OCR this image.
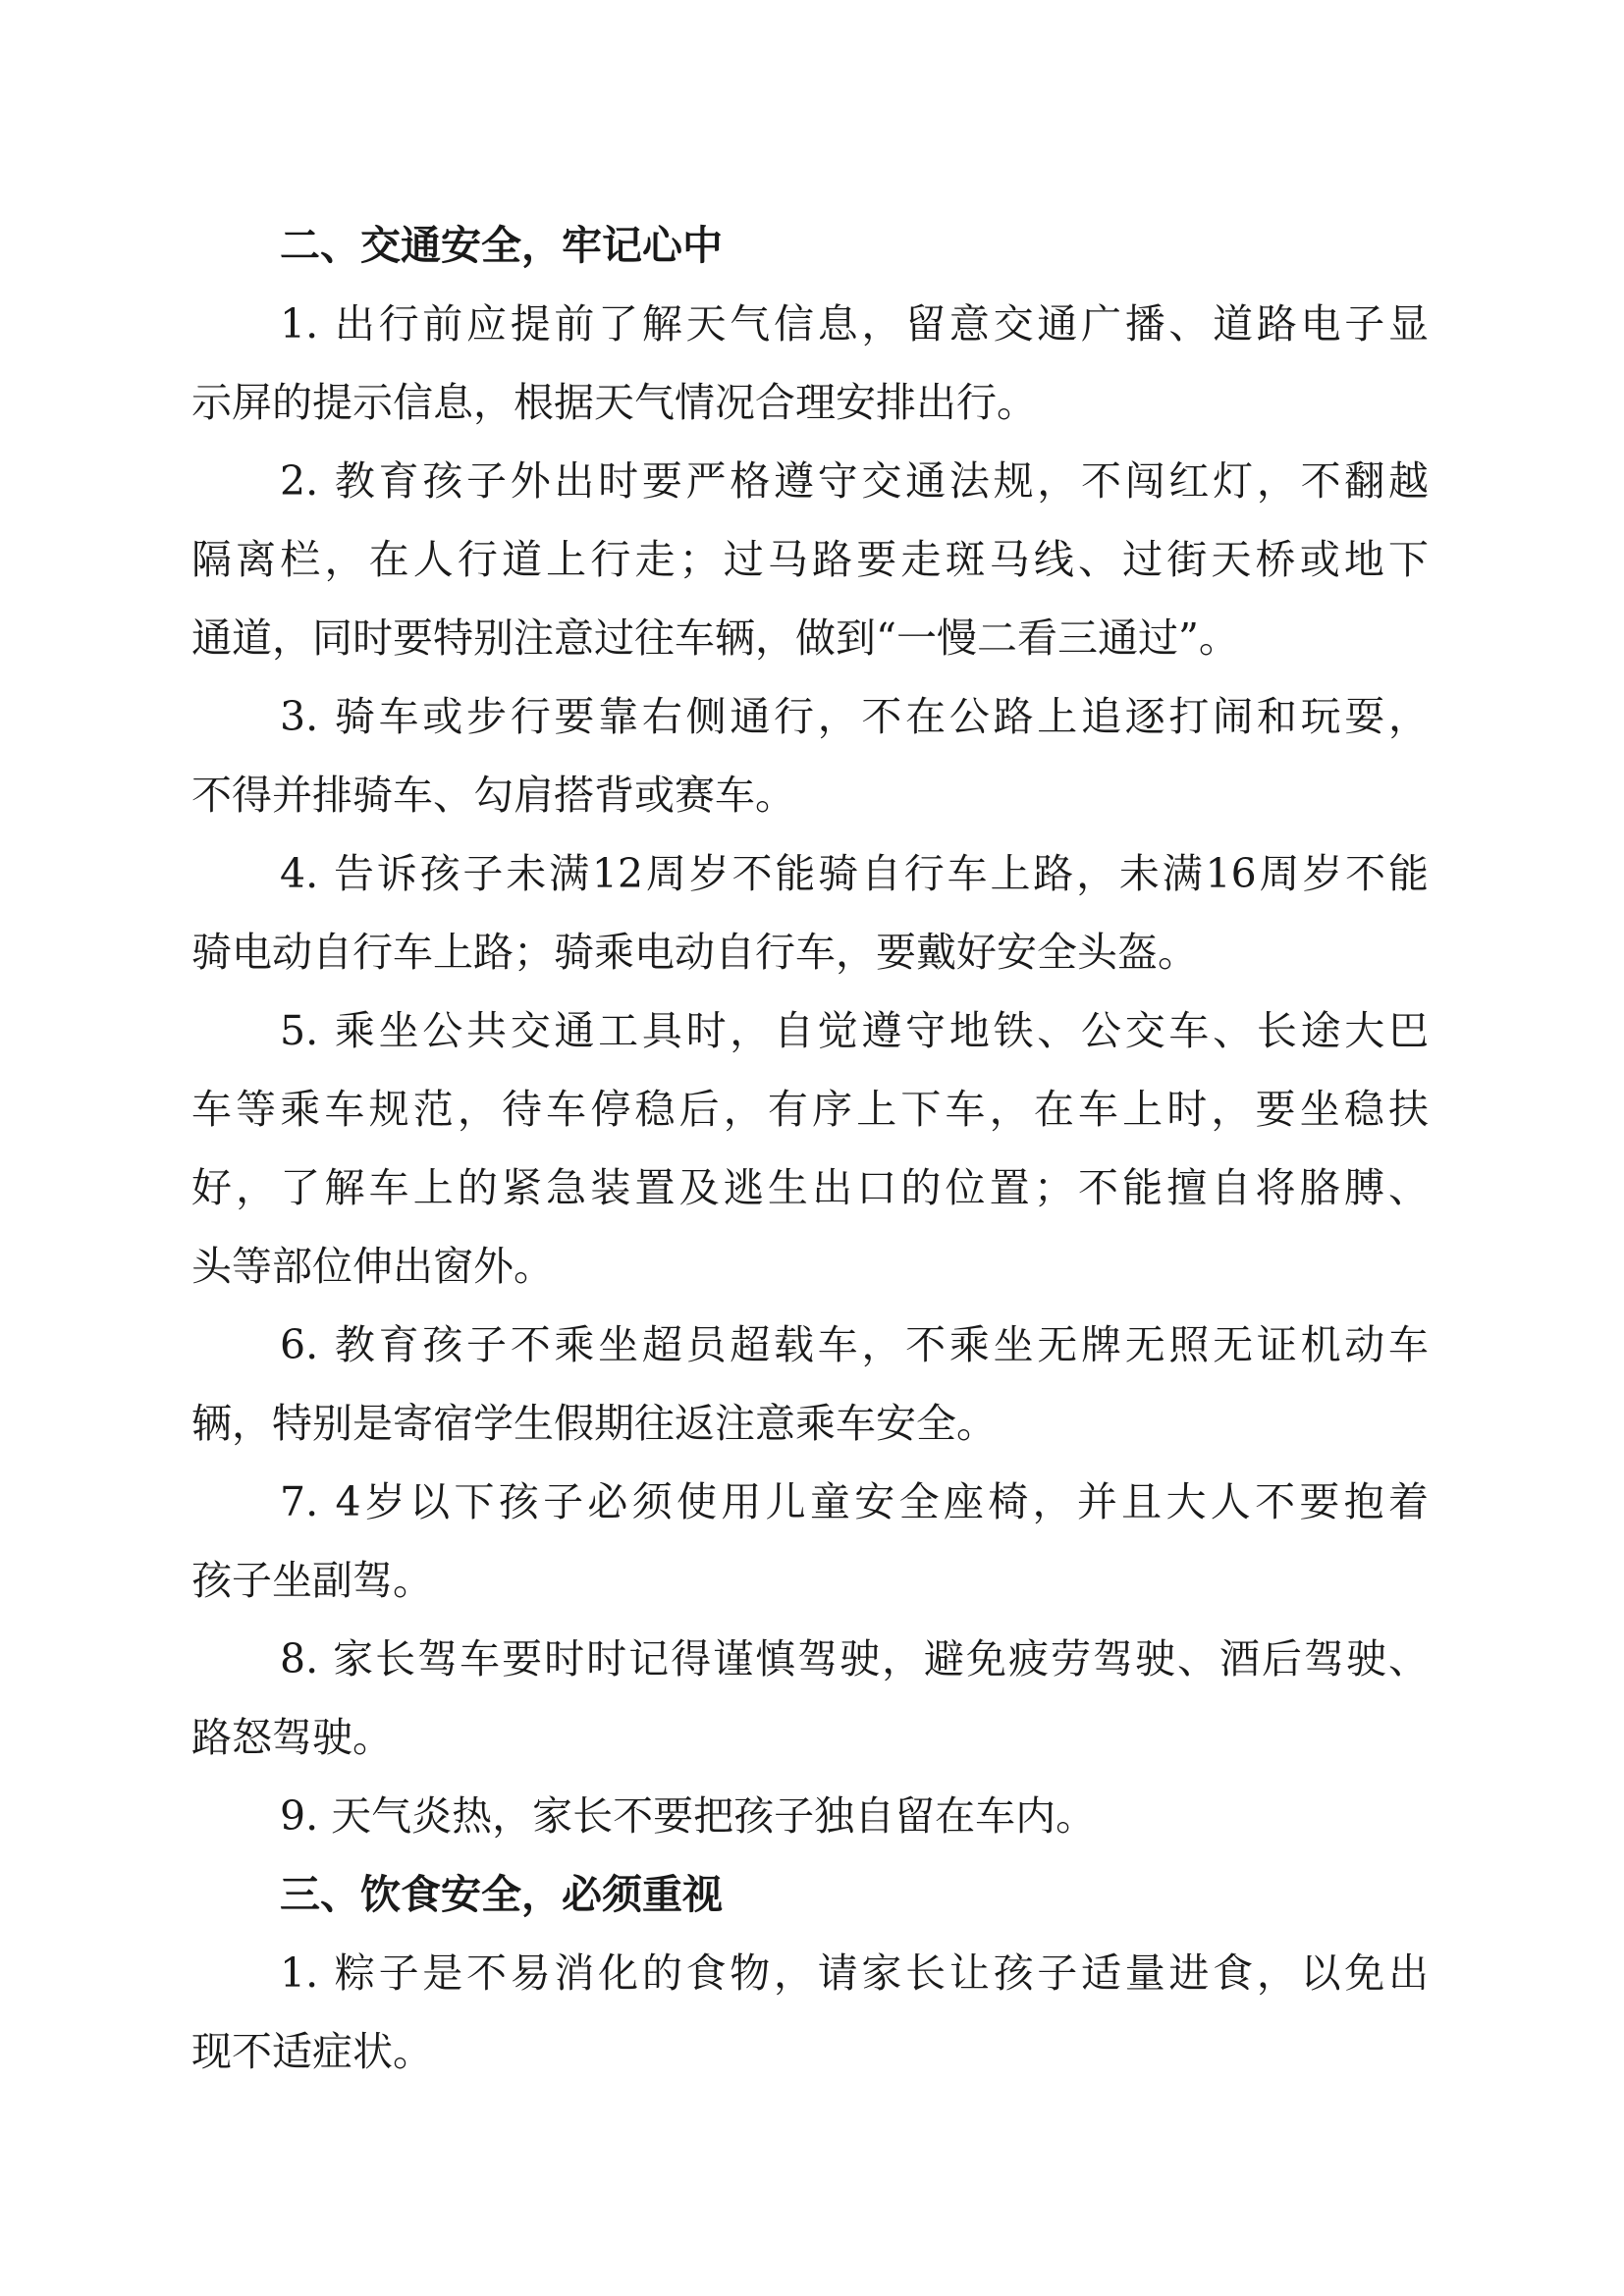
二、交通安全，牢记心中
1. 出行前应提前了解天气信息，留意交通广播、道路电子显
示屏的提示信息，根据天气情况合理安排出行。
2. 教育孩子外出时要严格遵守交通法规，不闯红灯，不翻越
隔离栏，在人行道上行走；过马路要走斑马线、过街天桥或地下
通道，同时要特别注意过往车辆，做到“一慢二看三通过”。
3. 骑车或步行要靠右侧通行，不在公路上追逐打闹和玩耍，
不得并排骑车、勾肩搭背或赛车。
4. 告诉孩子未满12周岁不能骑自行车上路，未满16周岁不能
骑电动自行车上路；骑乘电动自行车，要戴好安全头盔。
5. 乘坐公共交通工具时，自觉遵守地铁、公交车、长途大巴
车等乘车规范，待车停稳后，有序上下车，在车上时，要坐稳扶
好，了解车上的紧急装置及逃生出口的位置；不能擅自将胳膊、
头等部位伸出窗外。
6. 教育孩子不乘坐超员超载车，不乘坐无牌无照无证机动车
辆，特别是寄宿学生假期往返注意乘车安全。
7. 4岁以下孩子必须使用儿童安全座椅，并且大人不要抱着
孩子坐副驾。
8. 家长驾车要时时记得谨慎驾驶，避免疲劳驾驶、酒后驾驶、
路怒驾驶。
9. 天气炎热，家长不要把孩子独自留在车内。
三、饮食安全，必须重视
1. 粽子是不易消化的食物，请家长让孩子适量进食，以免出
现不适症状。
